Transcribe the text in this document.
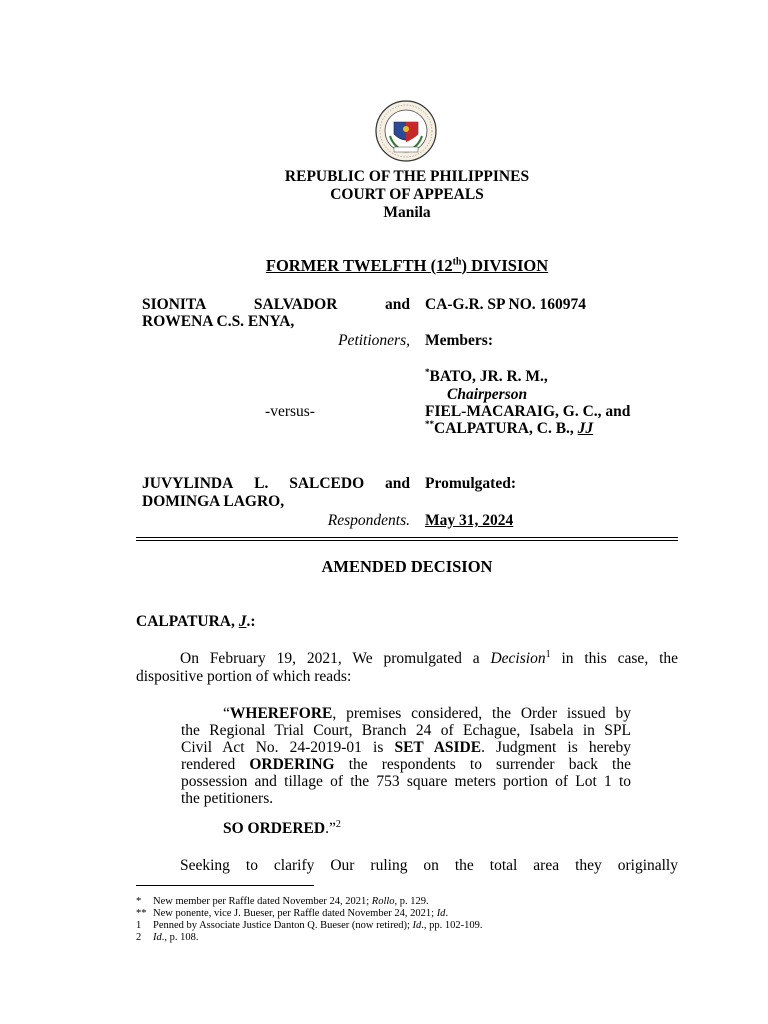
REPUBLIC OF THE PHILIPPINES
COURT OF APPEALS
Manila
FORMER TWELFTH (12th) DIVISION
SIONITA	SALVADOR	and
ROWENA C.S. ENYA,
Petitioners,
-versus-
JUVYLINDA L. SALCEDO and
DOMINGA LAGRO,
Respondents.
CA-G.R. SP NO. 160974
Members:
*BATO, JR. R. M.,
Chairperson
FIEL-MACARAIG, G. C., and
**CALPATURA, C. B., JJ
Promulgated:
May 31, 2024
AMENDED DECISION
CALPATURA, J.:
On February 19, 2021, We promulgated a Decision$^1$ in this case, the
dispositive portion of which reads:
“WHEREFORE, premises considered, the Order issued by
the Regional Trial Court, Branch 24 of Echague, Isabela in SPL
Civil Act No. 24-2019-01 is SET ASIDE. Judgment is hereby
rendered ORDERING the respondents to surrender back the
possession and tillage of the 753 square meters portion of Lot 1 to
the petitioners.
SO ORDERED.”$^2$
Seeking to clarify Our ruling on the total area they originally
* New member per Raffle dated November 24, 2021; Rollo, p. 129.
** New ponente, vice J. Bueser, per Raffle dated November 24, 2021; Id.
1 Penned by Associate Justice Danton Q. Bueser (now retired); Id., pp. 102-109.
2 Id., p. 108.
